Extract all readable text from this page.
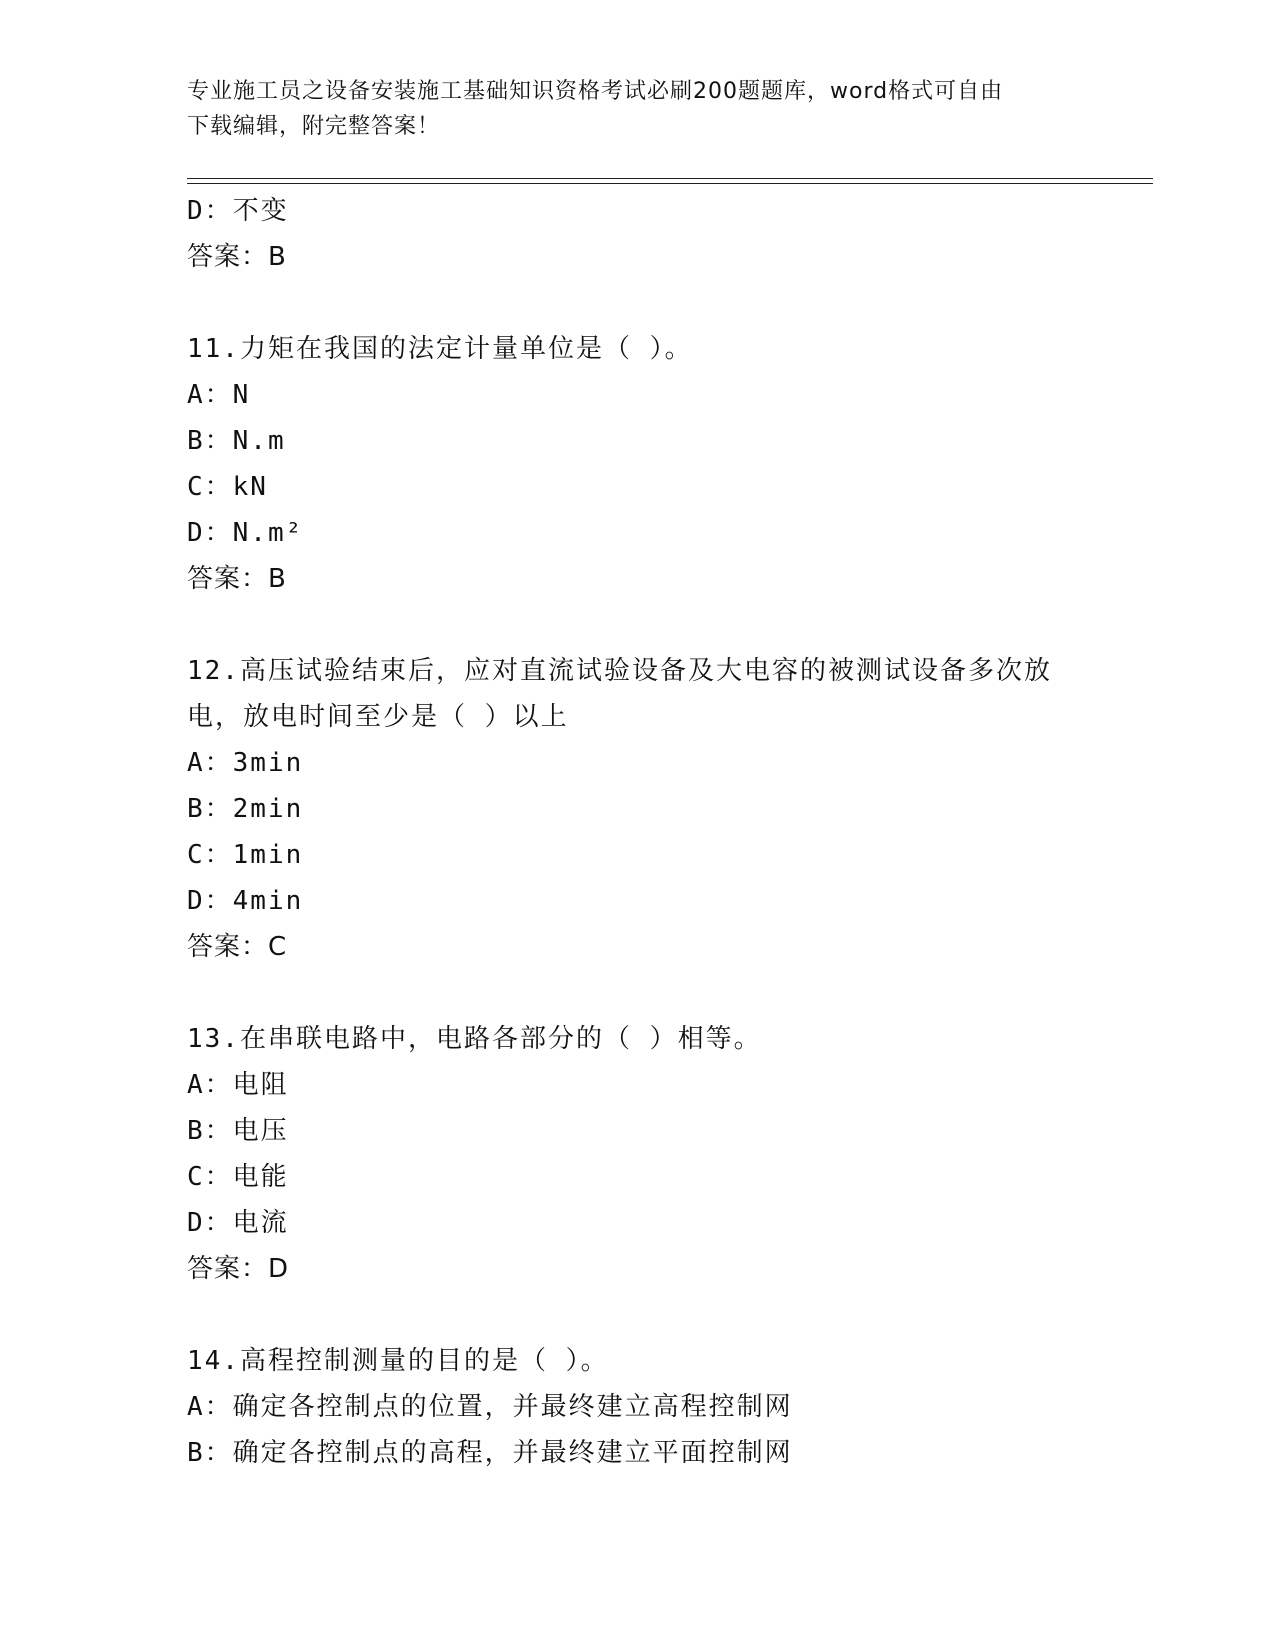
专业施工员之设备安装施工基础知识资格考试必刷200题题库，word格式可自由
下载编辑，附完整答案！
D：不变
答案：B
11.力矩在我国的法定计量单位是（ ）。
A：N
B：N.m
C：kN
D：N.m²
答案：B
12.高压试验结束后，应对直流试验设备及大电容的被测试设备多次放
电，放电时间至少是（ ）以上
A：3min
B：2min
C：1min
D：4min
答案：C
13.在串联电路中，电路各部分的（ ）相等。
A：电阻
B：电压
C：电能
D：电流
答案：D
14.高程控制测量的目的是（ ）。
A：确定各控制点的位置，并最终建立高程控制网
B：确定各控制点的高程，并最终建立平面控制网
